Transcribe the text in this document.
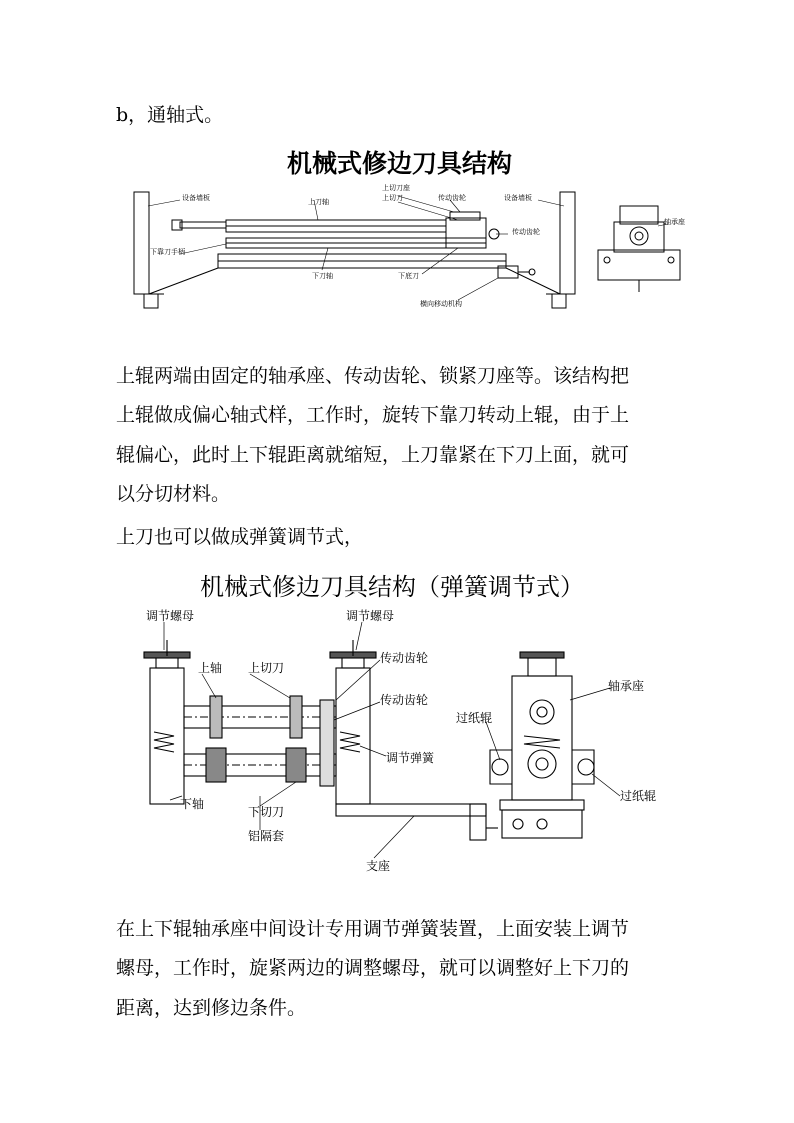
b，通轴式。

机械式修边刀具结构
设备墙板
上切刀座
上切刀
上刀轴	传动齿轮	设备墙板
传动齿轮
下靠刀手柄
下刀轴	下底刀
横向移动机构
轴承座

上辊两端由固定的轴承座、传动齿轮、锁紧刀座等。该结构把

上辊做成偏心轴式样，工作时，旋转下靠刀转动上辊，由于上

辊偏心，此时上下辊距离就缩短，上刀靠紧在下刀上面，就可

以分切材料。

上刀也可以做成弹簧调节式，

机械式修边刀具结构（弹簧调节式）
调节螺母	调节螺母
上轴 上切刀
传动齿轮
传动齿轮
调节弹簧
下轴
下切刀
铝隔套
支座
轴承座
过纸辊
过纸辊

在上下辊轴承座中间设计专用调节弹簧装置，上面安装上调节

螺母，工作时，旋紧两边的调整螺母，就可以调整好上下刀的

距离，达到修边条件。
